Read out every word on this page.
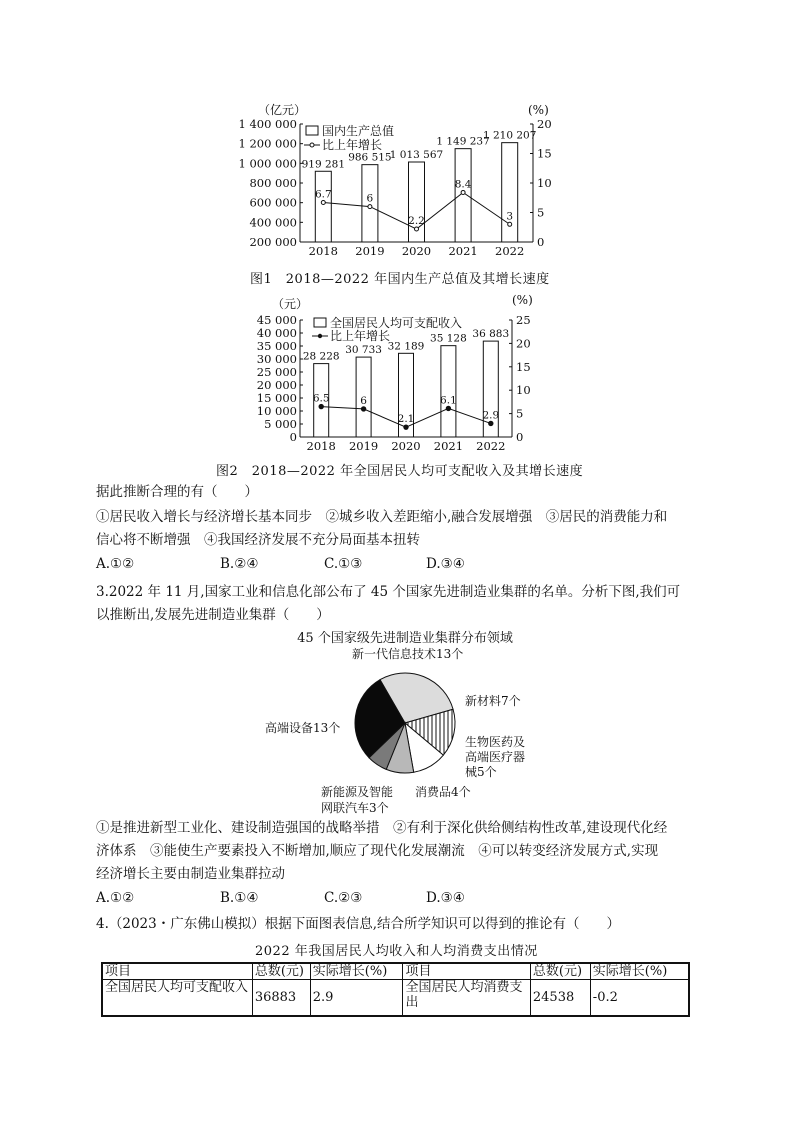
（亿元）	(%)
1 400 000
1 200 000
1 000 000
800 000
600 000
400 000
200 000
20
15
10
5
0
919 281
2018
986 515
2019
1 013 567
2020
1 149 237
2021
1 210 207
2022
6.7	6
2.2
8.4
3
国内生产总值
比上年增长
图1　2018—2022 年国内生产总值及其增长速度
（元）	(%)
45 000
40 000
35 000
30 000
25 000
20 000
15 000
10 000
5 000
0
25
20
15
10
5
0
28 228
2018
30 733
2019
32 189
2020
35 128
2021
36 883
2022
6.5	6
2.1
6.1
2.9
全国居民人均可支配收入
比上年增长
图2　2018—2022 年全国居民人均可支配收入及其增长速度
据此推断合理的有（　　）
①居民收入增长与经济增长基本同步　②城乡收入差距缩小,融合发展增强　③居民的消费能力和
信心将不断增强　④我国经济发展不充分局面基本扭转
A.①②	B.②④	C.①③	D.③④
3.2022 年 11 月,国家工业和信息化部公布了 45 个国家先进制造业集群的名单。分析下图,我们可
以推断出,发展先进制造业集群（　　）
45 个国家级先进制造业集群分布领域
新一代信息技术13个
新材料7个
生物医药及
高端医疗器
械5个
消费品4个
新能源及智能
网联汽车3个
高端设备13个
①是推进新型工业化、建设制造强国的战略举措　②有利于深化供给侧结构性改革,建设现代化经
济体系　③能使生产要素投入不断增加,顺应了现代化发展潮流　④可以转变经济发展方式,实现
经济增长主要由制造业集群拉动
A.①②	B.①④	C.②③	D.③④
4.（2023・广东佛山模拟）根据下面图表信息,结合所学知识可以得到的推论有（　　）
2022 年我国居民人均收入和人均消费支出情况
项目	总数(元)	实际增长(%)	项目	总数(元)	实际增长(%)
全国居民人均可支配收入	36883	2.9	全国居民人均消费支出	24538	-0.2
